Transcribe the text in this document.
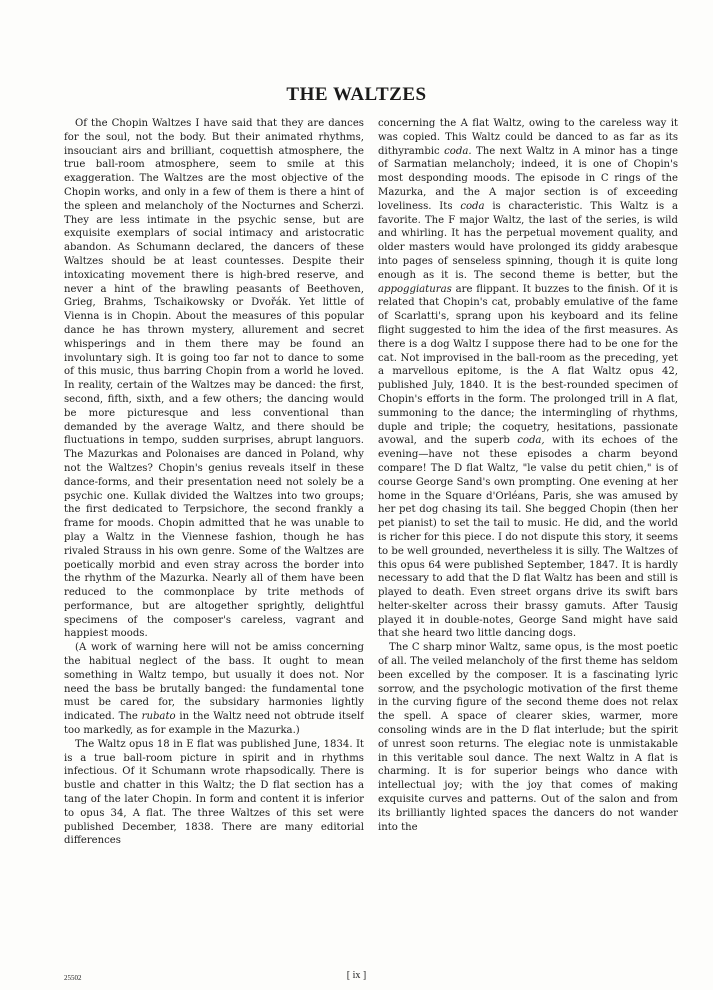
THE WALTZES

Of the Chopin Waltzes I have said that they are dances for the soul, not the body. But their animated rhythms, insouciant airs and brilliant, coquettish atmosphere, the true ball-room atmosphere, seem to smile at this exaggeration. The Waltzes are the most objective of the Chopin works, and only in a few of them is there a hint of the spleen and melancholy of the Nocturnes and Scherzi. They are less intimate in the psychic sense, but are exquisite exemplars of social intimacy and aristocratic abandon. As Schumann declared, the dancers of these Waltzes should be at least countesses. Despite their intoxicating movement there is high-bred reserve, and never a hint of the brawling peasants of Beethoven, Grieg, Brahms, Tschaikowsky or Dvořák. Yet little of Vienna is in Chopin. About the measures of this popular dance he has thrown mystery, allurement and secret whisperings and in them there may be found an involuntary sigh. It is going too far not to dance to some of this music, thus barring Chopin from a world he loved. In reality, certain of the Waltzes may be danced: the first, second, fifth, sixth, and a few others; the dancing would be more picturesque and less conventional than demanded by the average Waltz, and there should be fluctuations in tempo, sudden surprises, abrupt languors. The Mazurkas and Polonaises are danced in Poland, why not the Waltzes? Chopin's genius reveals itself in these dance-forms, and their presentation need not solely be a psychic one. Kullak divided the Waltzes into two groups; the first dedicated to Terpsichore, the second frankly a frame for moods. Chopin admitted that he was unable to play a Waltz in the Viennese fashion, though he has rivaled Strauss in his own genre. Some of the Waltzes are poetically morbid and even stray across the border into the rhythm of the Mazurka. Nearly all of them have been reduced to the commonplace by trite methods of performance, but are altogether sprightly, delightful specimens of the composer's careless, vagrant and happiest moods.

(A work of warning here will not be amiss concerning the habitual neglect of the bass. It ought to mean something in Waltz tempo, but usually it does not. Nor need the bass be brutally banged: the fundamental tone must be cared for, the subsidary harmonies lightly indicated. The rubato in the Waltz need not obtrude itself too markedly, as for example in the Mazurka.)

The Waltz opus 18 in E flat was published June, 1834. It is a true ball-room picture in spirit and in rhythms infectious. Of it Schumann wrote rhapsodically. There is bustle and chatter in this Waltz; the D flat section has a tang of the later Chopin. In form and content it is inferior to opus 34, A flat. The three Waltzes of this set were published December, 1838. There are many editorial differences

concerning the A flat Waltz, owing to the careless way it was copied. This Waltz could be danced to as far as its dithyrambic coda. The next Waltz in A minor has a tinge of Sarmatian melancholy; indeed, it is one of Chopin's most desponding moods. The episode in C rings of the Mazurka, and the A major section is of exceeding loveliness. Its coda is characteristic. This Waltz is a favorite. The F major Waltz, the last of the series, is wild and whirling. It has the perpetual movement quality, and older masters would have prolonged its giddy arabesque into pages of senseless spinning, though it is quite long enough as it is. The second theme is better, but the appoggiaturas are flippant. It buzzes to the finish. Of it is related that Chopin's cat, probably emulative of the fame of Scarlatti's, sprang upon his keyboard and its feline flight suggested to him the idea of the first measures. As there is a dog Waltz I suppose there had to be one for the cat. Not improvised in the ball-room as the preceding, yet a marvellous epitome, is the A flat Waltz opus 42, published July, 1840. It is the best-rounded specimen of Chopin's efforts in the form. The prolonged trill in A flat, summoning to the dance; the intermingling of rhythms, duple and triple; the coquetry, hesitations, passionate avowal, and the superb coda, with its echoes of the evening—have not these episodes a charm beyond compare! The D flat Waltz, "le valse du petit chien," is of course George Sand's own prompting. One evening at her home in the Square d'Orléans, Paris, she was amused by her pet dog chasing its tail. She begged Chopin (then her pet pianist) to set the tail to music. He did, and the world is richer for this piece. I do not dispute this story, it seems to be well grounded, nevertheless it is silly. The Waltzes of this opus 64 were published September, 1847. It is hardly necessary to add that the D flat Waltz has been and still is played to death. Even street organs drive its swift bars helter-skelter across their brassy gamuts. After Tausig played it in double-notes, George Sand might have said that she heard two little dancing dogs.

The C sharp minor Waltz, same opus, is the most poetic of all. The veiled melancholy of the first theme has seldom been excelled by the composer. It is a fascinating lyric sorrow, and the psychologic motivation of the first theme in the curving figure of the second theme does not relax the spell. A space of clearer skies, warmer, more consoling winds are in the D flat interlude; but the spirit of unrest soon returns. The elegiac note is unmistakable in this veritable soul dance. The next Waltz in A flat is charming. It is for superior beings who dance with intellectual joy; with the joy that comes of making exquisite curves and patterns. Out of the salon and from its brilliantly lighted spaces the dancers do not wander into the

25502	[ ix ]
